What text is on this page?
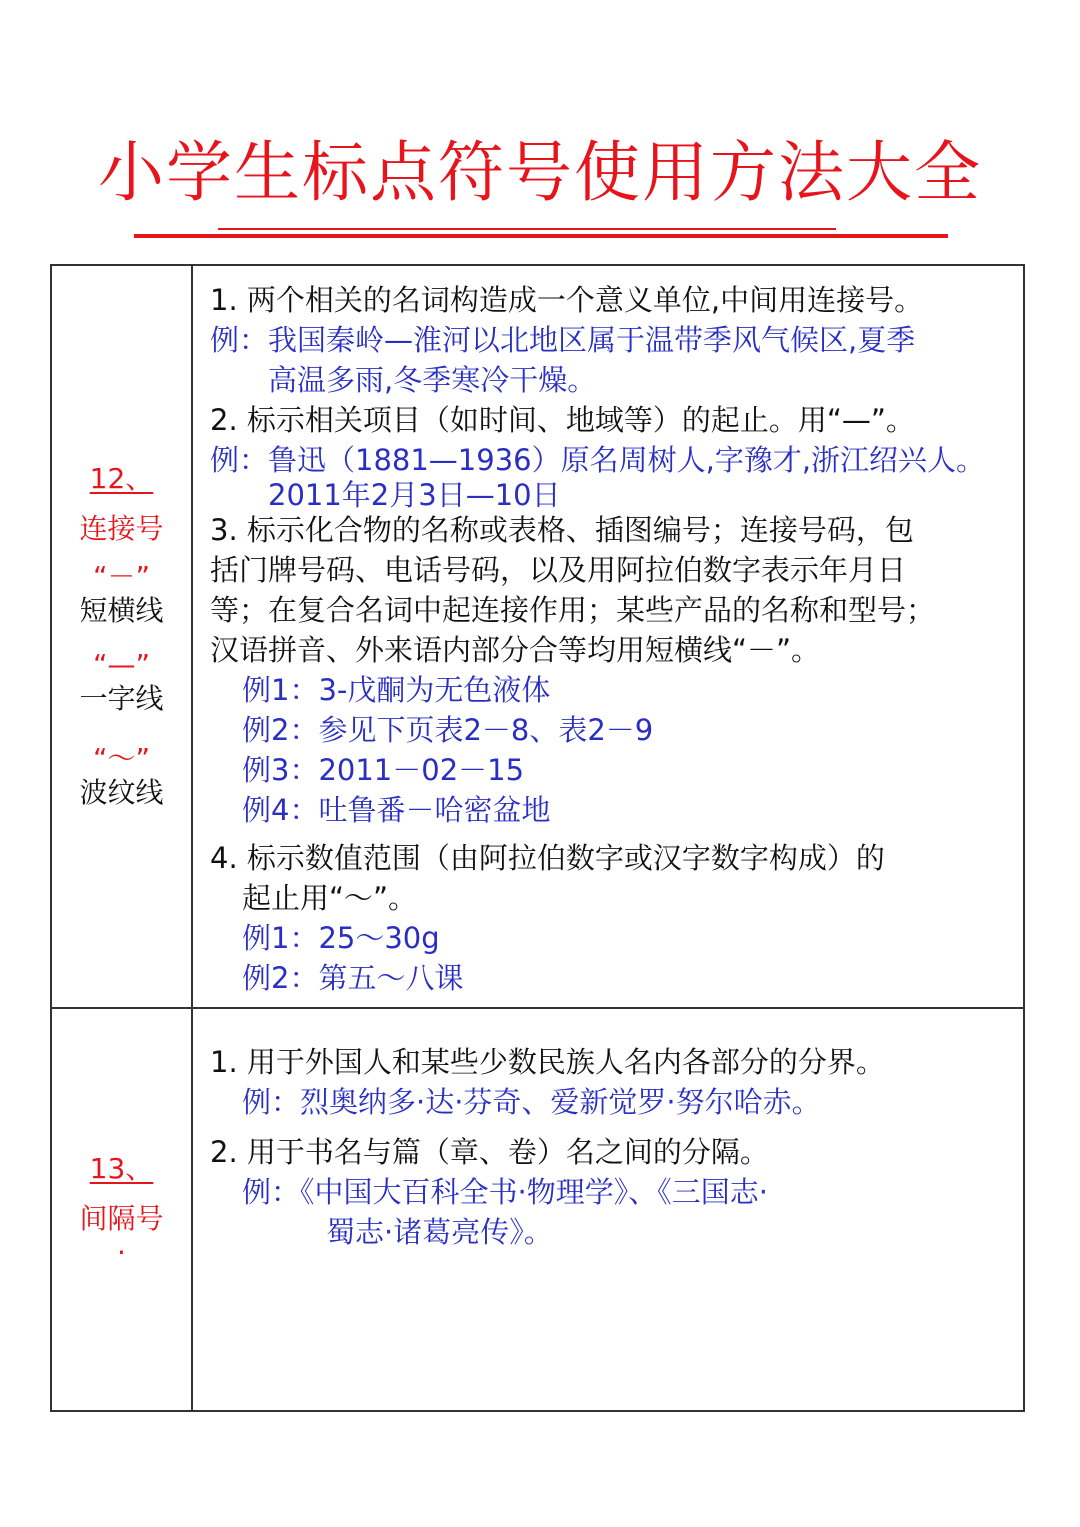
小学生标点符号使用方法大全

12、

连接号

“－”

短横线

“—”

一字线

“～”

波纹线

1. 两个相关的名词构造成一个意义单位,中间用连接号。

例：我国秦岭—淮河以北地区属于温带季风气候区,夏季

高温多雨,冬季寒冷干燥。

2. 标示相关项目（如时间、地域等）的起止。用“—”。

例：鲁迅（1881—1936）原名周树人,字豫才,浙江绍兴人。

2011年2月3日—10日

3. 标示化合物的名称或表格、插图编号；连接号码，包

括门牌号码、电话号码，以及用阿拉伯数字表示年月日

等；在复合名词中起连接作用；某些产品的名称和型号；

汉语拼音、外来语内部分合等均用短横线“－”。

例1：3-戊酮为无色液体

例2：参见下页表2－8、表2－9

例3：2011－02－15

例4：吐鲁番－哈密盆地

4. 标示数值范围（由阿拉伯数字或汉字数字构成）的

起止用“～”。

例1：25～30g

例2：第五～八课

13、

间隔号

·

1. 用于外国人和某些少数民族人名内各部分的分界。

例：烈奥纳多·达·芬奇、爱新觉罗·努尔哈赤。

2. 用于书名与篇（章、卷）名之间的分隔。

例：《中国大百科全书·物理学》、《三国志·

蜀志·诸葛亮传》。
